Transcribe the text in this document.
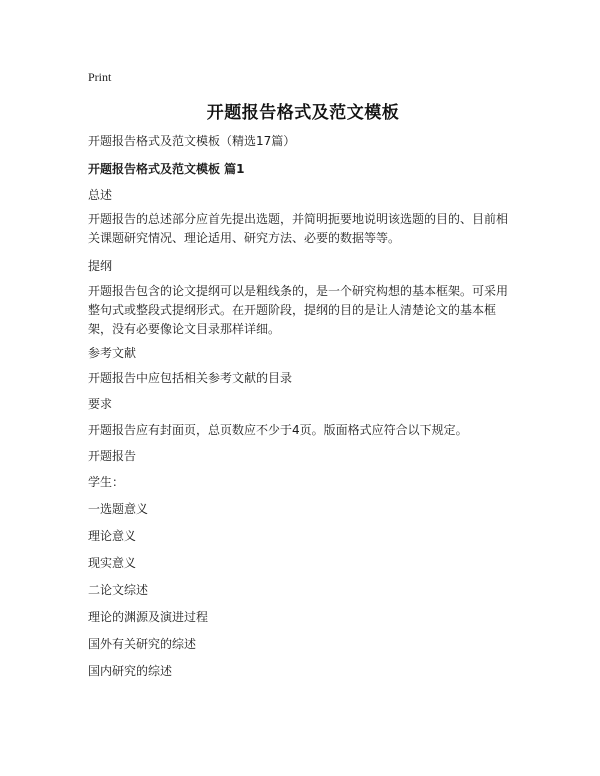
Print
开题报告格式及范文模板
开题报告格式及范文模板（精选17篇）
开题报告格式及范文模板 篇1
总述
开题报告的总述部分应首先提出选题，并简明扼要地说明该选题的目的、目前相关课题研究情况、理论适用、研究方法、必要的数据等等。
提纲
开题报告包含的论文提纲可以是粗线条的，是一个研究构想的基本框架。可采用整句式或整段式提纲形式。在开题阶段，提纲的目的是让人清楚论文的基本框架，没有必要像论文目录那样详细。
参考文献
开题报告中应包括相关参考文献的目录
要求
开题报告应有封面页，总页数应不少于4页。版面格式应符合以下规定。
开题报告
学生：
一选题意义
理论意义
现实意义
二论文综述
理论的渊源及演进过程
国外有关研究的综述
国内研究的综述
